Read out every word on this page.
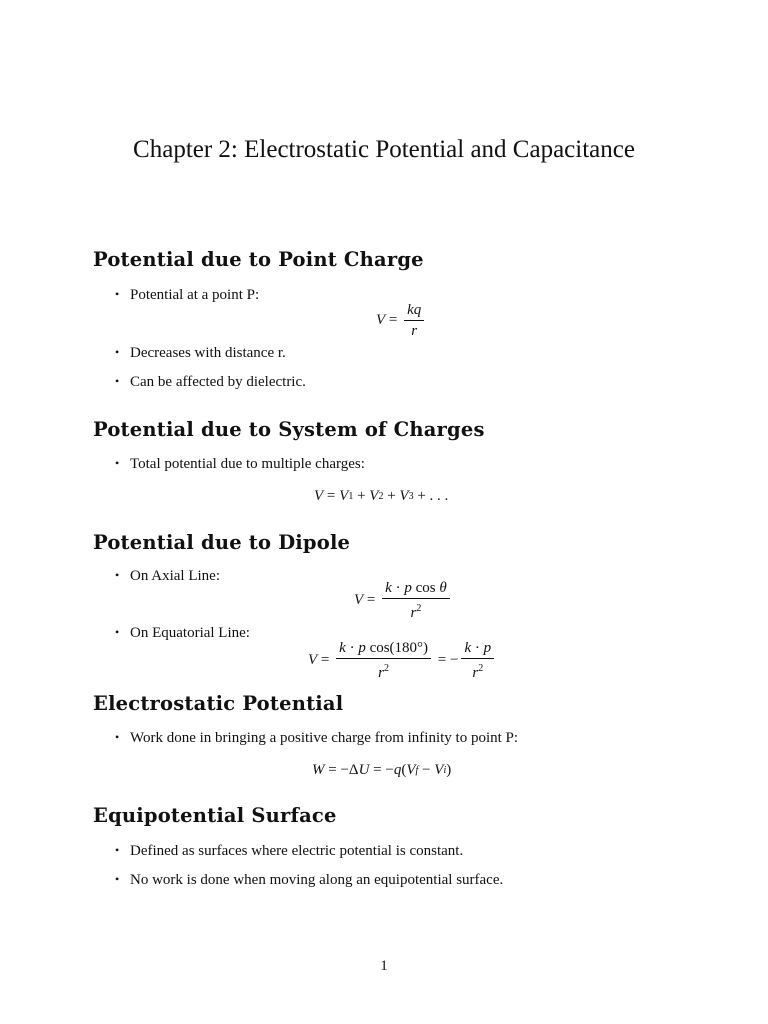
Chapter 2: Electrostatic Potential and Capacitance
Potential due to Point Charge
• Potential at a point P:
$V = \frac{kq}{r}$
• Decreases with distance r.
• Can be affected by dielectric.
Potential due to System of Charges
• Total potential due to multiple charges:
V = V 1 + V 2 + V 3 + . . .
Potential due to Dipole
• On Axial Line:
$V = \frac{\text{k · p cos θ}}{r^2}$
• On Equatorial Line:
$V = \frac{\text{k · p cos(180°)}}{r^2}$ = − $\frac{k \cdot p}{r^2}$
Electrostatic Potential
• Work done in bringing a positive charge from infinity to point P:
W = −Δ U = − q ( V f − V i )
Equipotential Surface
• Defined as surfaces where electric potential is constant.
• No work is done when moving along an equipotential surface.
1
